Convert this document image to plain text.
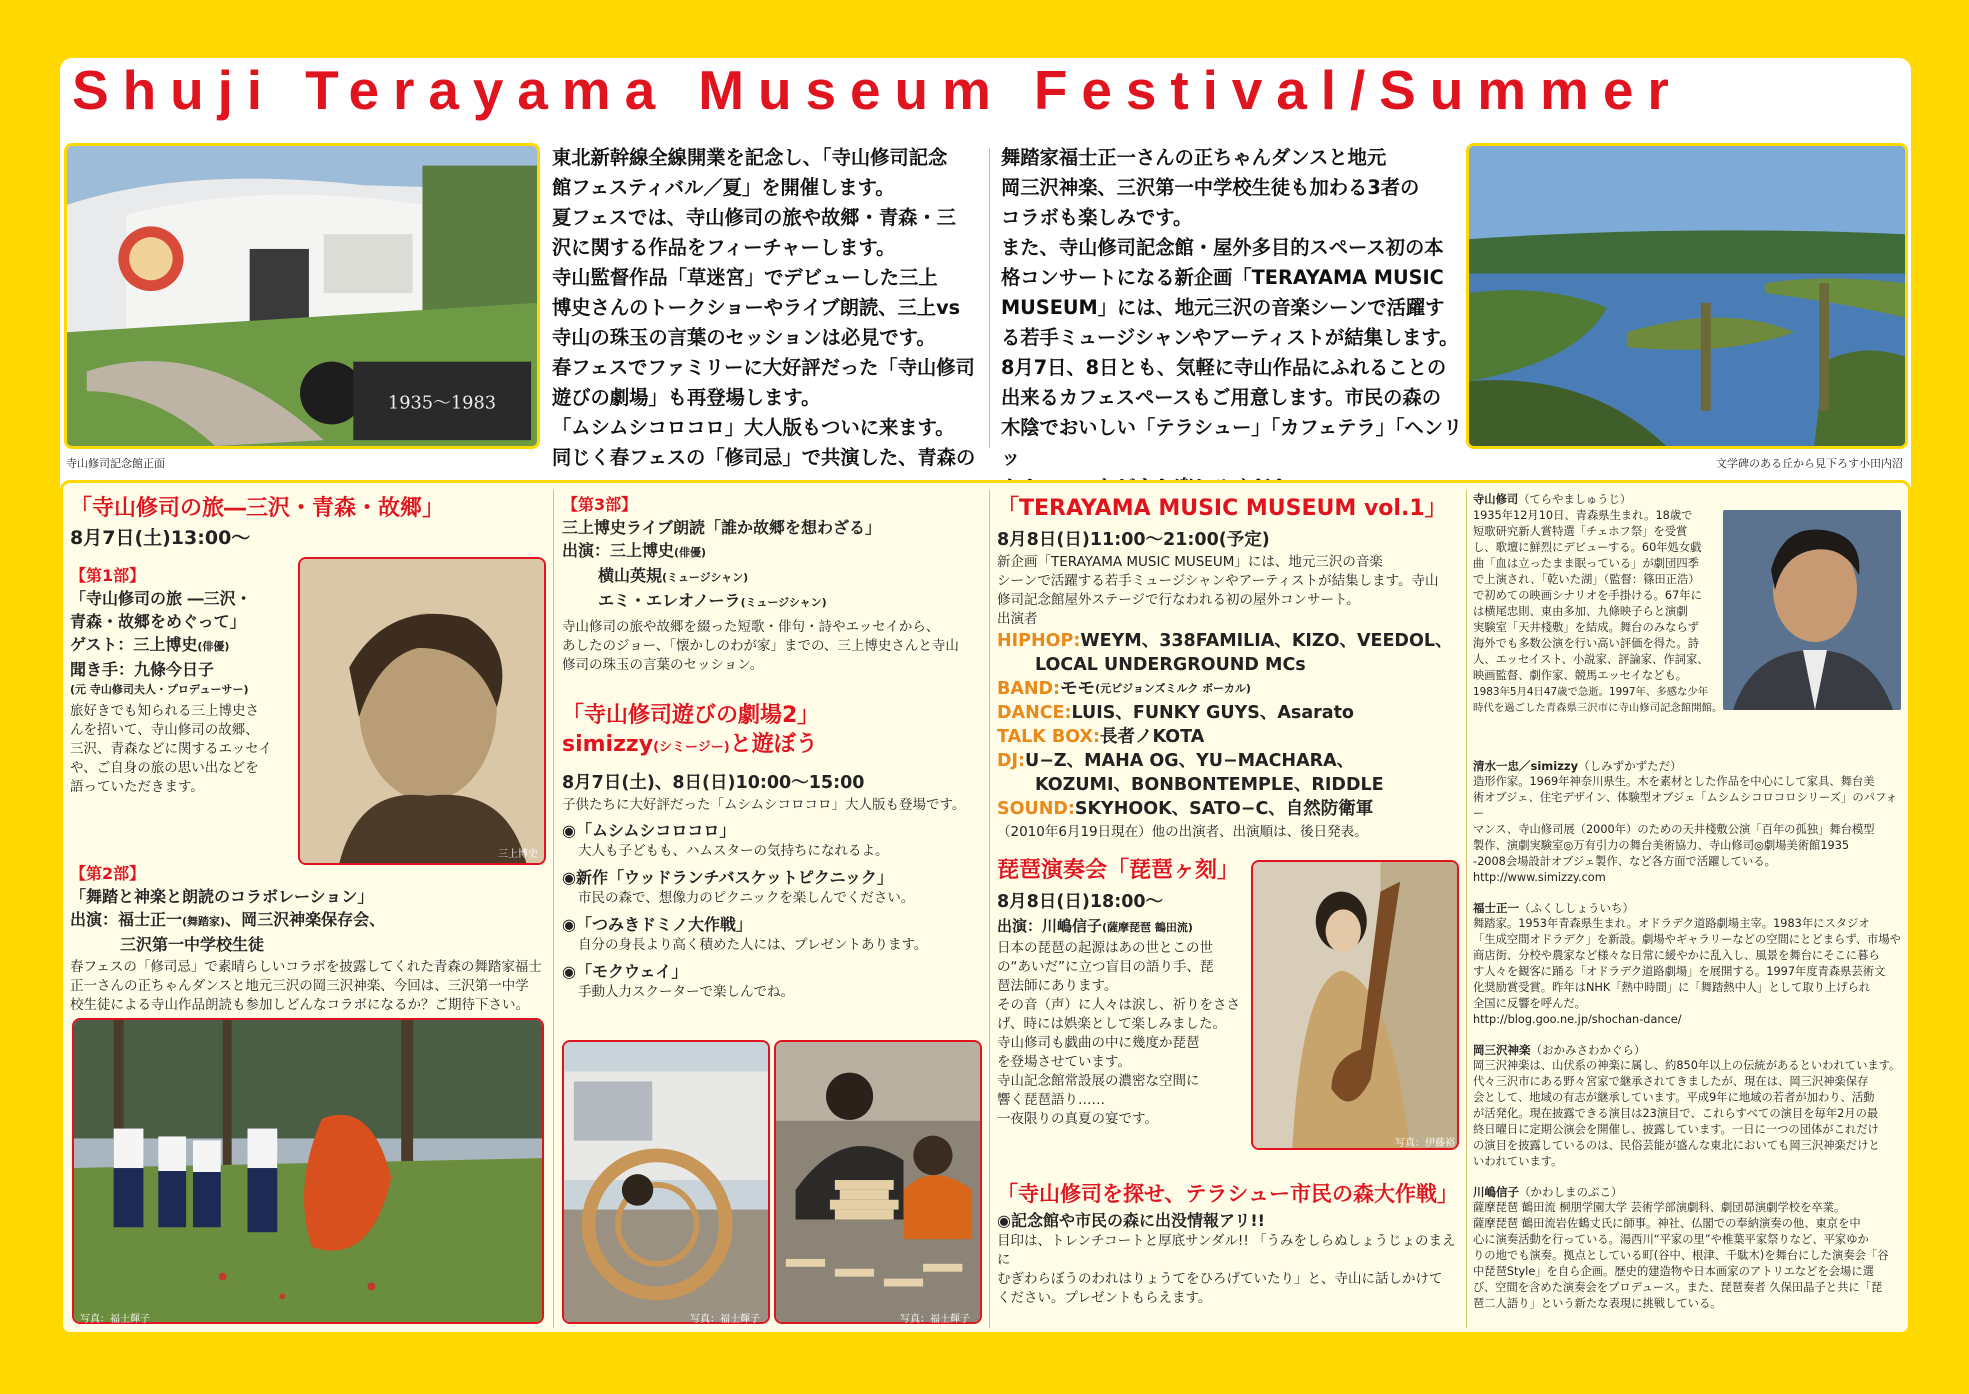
Shuji Terayama Museum Festival/Summer
1935〜1983
寺山修司記念館正面

東北新幹線全線開業を記念し、「寺山修司記念

館フェスティバル／夏」を開催します。

夏フェスでは、寺山修司の旅や故郷・青森・三

沢に関する作品をフィーチャーします。

寺山監督作品「草迷宮」でデビューした三上

博史さんのトークショーやライブ朗読、三上vs

寺山の珠玉の言葉のセッションは必見です。

春フェスでファミリーに大好評だった「寺山修司

遊びの劇場」も再登場します。

「ムシムシコロコロ」大人版もついに来ます。

同じく春フェスの「修司忌」で共演した、青森の

舞踏家福士正一さんの正ちゃんダンスと地元

岡三沢神楽、三沢第一中学校生徒も加わる3者の

コラボも楽しみです。

また、寺山修司記念館・屋外多目的スペース初の本

格コンサートになる新企画「TERAYAMA MUSIC

MUSEUM」には、地元三沢の音楽シーンで活躍す

る若手ミュージシャンやアーティストが結集します。

8月7日、8日とも、気軽に寺山作品にふれることの

出来るカフェスペースもご用意します。市民の森の

木陰でおいしい「テラシュー」「カフェテラ」「ヘンリッ	文学碑のある丘から見下ろす小田内沼
「寺山修司の旅―三沢・青森・故郷」
8月7日(土)13:00〜
【第1部】
「寺山修司の旅 ―三沢・
青森・故郷をめぐって」
ゲスト：三上博史(俳優)
聞き手：九條今日子
(元 寺山修司夫人・プロデューサー)
旅好きでも知られる三上博史さ
んを招いて、寺山修司の故郷、
三沢、青森などに関するエッセイ
や、ご自身の旅の思い出などを
語っていただきます。
三上博史
【第2部】
「舞踏と神楽と朗読のコラボレーション」
出演：福士正一(舞踏家)、岡三沢神楽保存会、
三沢第一中学校生徒
春フェスの「修司忌」で素晴らしいコラボを披露してくれた青森の舞踏家福士
正一さんの正ちゃんダンスと地元三沢の岡三沢神楽、今回は、三沢第一中学
校生徒による寺山作品朗読も参加しどんなコラボになるか？ご期待下さい。
写真：福士輝子
【第3部】
三上博史ライブ朗読「誰か故郷を想わざる」
出演：三上博史(俳優)
横山英規(ミュージシャン)
エミ・エレオノーラ(ミュージシャン)
寺山修司の旅や故郷を綴った短歌・俳句・詩やエッセイから、
あしたのジョー、「懐かしのわが家」までの、三上博史さんと寺山
修司の珠玉の言葉のセッション。
「寺山修司遊びの劇場2」
simizzy(シミージー)と遊ぼう
8月7日(土)、8日(日)10:00〜15:00
子供たちに大好評だった「ムシムシコロコロ」大人版も登場です。
◉「ムシムシコロコロ」
大人も子どもも、ハムスターの気持ちになれるよ。
◉新作「ウッドランチバスケットピクニック」
市民の森で、想像力のピクニックを楽しんでください。
◉「つみきドミノ大作戦」
自分の身長より高く積めた人には、プレゼントあります。
◉「モクウェイ」
手動人力スクーターで楽しんでね。
写真：福士輝子	写真：福士輝子
「TERAYAMA MUSIC MUSEUM vol.1」
8月8日(日)11:00〜21:00(予定)
新企画「TERAYAMA MUSIC MUSEUM」には、地元三沢の音楽
シーンで活躍する若手ミュージシャンやアーティストが結集します。寺山
修司記念館屋外ステージで行なわれる初の屋外コンサート。
出演者
HIPHOP: WEYM、338FAMILIA、KIZO、VEEDOL、
LOCAL UNDERGROUND MCs
BAND: モモ (元ピジョンズミルク ボーカル)
DANCE: LUIS、FUNKY GUYS、Asarato
TALK BOX: 長者ノKOTA
DJ: U−Z、MAHA OG、YU−MACHARA、
KOZUMI、BONBONTEMPLE、RIDDLE
SOUND: SKYHOOK、SATO−C、自然防衛軍
（2010年6月19日現在）他の出演者、出演順は、後日発表。
琵琶演奏会「琵琶ヶ刻」
8月8日(日)18:00〜
出演：川嶋信子(薩摩琵琶 鶴田流)
日本の琵琶の起源はあの世とこの世
の“あいだ”に立つ盲目の語り手、琵
琶法師にあります。
その音（声）に人々は涙し、祈りをささ
げ、時には娯楽として楽しみました。
寺山修司も戯曲の中に幾度か琵琶
を登場させています。
寺山記念館常設展の濃密な空間に
響く琵琶語り……
一夜限りの真夏の宴です。
写真：伊藤裕
「寺山修司を探せ、テラシュー市民の森大作戦」
◉記念館や市民の森に出没情報アリ!!
目印は、トレンチコートと厚底サンダル!! 「うみをしらぬしょうじょのまえに
むぎわらぼうのわれはりょうてをひろげていたり」と、寺山に話しかけて
ください。プレゼントもらえます。

寺山修司（てらやましゅうじ）

1935年12月10日、青森県生まれ。18歳で

短歌研究新人賞特選「チェホフ祭」を受賞

し、歌壇に鮮烈にデビューする。60年処女戯

曲「血は立ったまま眠っている」が劇団四季

で上演され、「乾いた湖」（監督：篠田正浩）

で初めての映画シナリオを手掛ける。67年に

は横尾忠則、東由多加、九條映子らと演劇

実験室「天井棧敷」を結成。舞台のみならず

海外でも多数公演を行い高い評価を得た。詩

人、エッセイスト、小説家、評論家、作詞家、

映画監督、劇作家、競馬エッセイなども。

1983年5月4日47歳で急逝。1997年、多感な少年

時代を過ごした青森県三沢市に寺山修司記念館開館。

清水一忠／simizzy（しみずかずただ）

造形作家。1969年神奈川県生。木を素材とした作品を中心にして家具、舞台美

術オブジェ、住宅デザイン、体験型オブジェ「ムシムシコロコロシリーズ」のパフォー

マンス、寺山修司展（2000年）のための天井棧敷公演「百年の孤独」舞台模型

製作、演劇実験室◎万有引力の舞台美術協力、寺山修司◎劇場美術館1935

-2008会場設計オブジェ製作、など各方面で活躍している。

http://www.simizzy.com

福士正一（ふくししょういち）

舞踏家。1953年青森県生まれ。オドラデク道路劇場主宰。1983年にスタジオ

「生成空間オドラデク」を新設。劇場やギャラリーなどの空間にとどまらず、市場や

商店街、分校や農家など様々な日常に緩やかに乱入し、風景を舞台にそこに暮ら

す人々を観客に踊る「オドラデク道路劇場」を展開する。1997年度青森県芸術文

化奨励賞受賞。昨年はNHK「熱中時間」に「舞踏熱中人」として取り上げられ

全国に反響を呼んだ。

http://blog.goo.ne.jp/shochan-dance/

岡三沢神楽（おかみさわかぐら）

岡三沢神楽は、山伏系の神楽に属し、約850年以上の伝統があるといわれています。

代々三沢市にある野々宮家で継承されてきましたが、現在は、岡三沢神楽保存

会として、地域の有志が継承しています。平成9年に地域の若者が加わり、活動

が活発化。現在披露できる演目は23演目で、これらすべての演目を毎年2月の最

終日曜日に定期公演会を開催し、披露しています。一日に一つの団体がこれだけ

の演目を披露しているのは、民俗芸能が盛んな東北においても岡三沢神楽だけと

いわれています。

川嶋信子（かわしまのぶこ）

薩摩琵琶 鶴田流 桐朋学園大学 芸術学部演劇科、劇団昴演劇学校を卒業。

薩摩琵琶 鶴田流岩佐鶴丈氏に師事。神社、仏閣での奉納演奏の他、東京を中

心に演奏活動を行っている。湯西川“平家の里”や椎葉平家祭りなど、平家ゆか

りの地でも演奏。拠点としている町(谷中、根津、千駄木)を舞台にした演奏会「谷

中琵琶Style」を自ら企画。歴史的建造物や日本画家のアトリエなどを会場に選

び、空間を含めた演奏会をプロデュース。また、琵琶奏者 久保田晶子と共に「琵

琶二人語り」という新たな表現に挑戦している。
